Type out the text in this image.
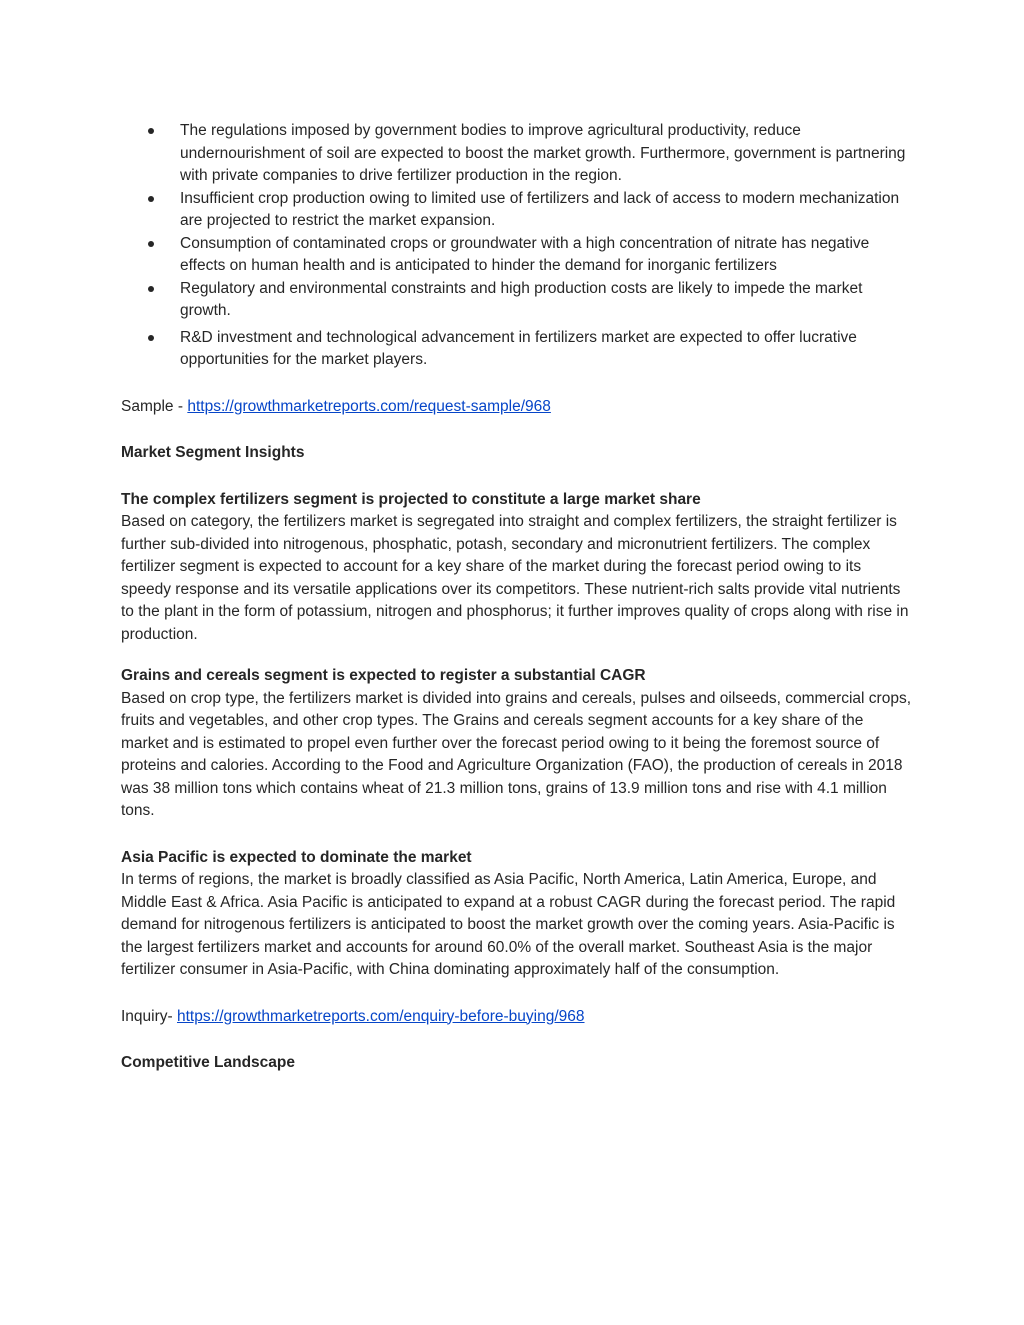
The regulations imposed by government bodies to improve agricultural productivity, reduce undernourishment of soil are expected to boost the market growth. Furthermore, government is partnering with private companies to drive fertilizer production in the region.
Insufficient crop production owing to limited use of fertilizers and lack of access to modern mechanization are projected to restrict the market expansion.
Consumption of contaminated crops or groundwater with a high concentration of nitrate has negative effects on human health and is anticipated to hinder the demand for inorganic fertilizers
Regulatory and environmental constraints and high production costs are likely to impede the market growth.
R&D investment and technological advancement in fertilizers market are expected to offer lucrative opportunities for the market players.

Sample - https://growthmarketreports.com/request-sample/968

Market Segment Insights

The complex fertilizers segment is projected to constitute a large market share

Based on category, the fertilizers market is segregated into straight and complex fertilizers, the straight fertilizer is further sub-divided into nitrogenous, phosphatic, potash, secondary and micronutrient fertilizers. The complex fertilizer segment is expected to account for a key share of the market during the forecast period owing to its speedy response and its versatile applications over its competitors. These nutrient-rich salts provide vital nutrients to the plant in the form of potassium, nitrogen and phosphorus; it further improves quality of crops along with rise in production.

Grains and cereals segment is expected to register a substantial CAGR

Based on crop type, the fertilizers market is divided into grains and cereals, pulses and oilseeds, commercial crops, fruits and vegetables, and other crop types. The Grains and cereals segment accounts for a key share of the market and is estimated to propel even further over the forecast period owing to it being the foremost source of proteins and calories. According to the Food and Agriculture Organization (FAO), the production of cereals in 2018 was 38 million tons which contains wheat of 21.3 million tons, grains of 13.9 million tons and rise with 4.1 million tons.

Asia Pacific is expected to dominate the market

In terms of regions, the market is broadly classified as Asia Pacific, North America, Latin America, Europe, and Middle East & Africa. Asia Pacific is anticipated to expand at a robust CAGR during the forecast period. The rapid demand for nitrogenous fertilizers is anticipated to boost the market growth over the coming years. Asia-Pacific is the largest fertilizers market and accounts for around 60.0% of the overall market. Southeast Asia is the major fertilizer consumer in Asia-Pacific, with China dominating approximately half of the consumption.

Inquiry- https://growthmarketreports.com/enquiry-before-buying/968

Competitive Landscape
